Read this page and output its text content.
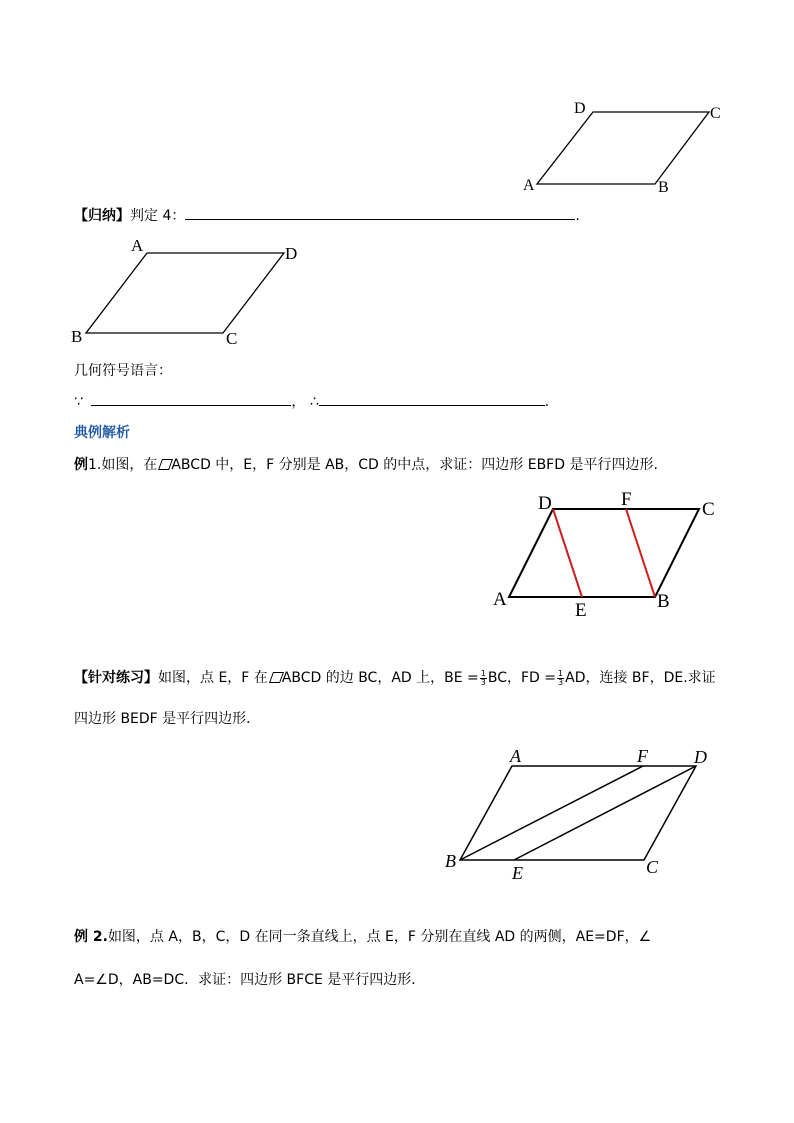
D	C
A	B
【归纳】判定 4：	.
A	D
B	C
几何符号语言：
∵	， ∴	.
典例解析
例1.如图，在 ABCD 中，E，F 分别是 AB，CD 的中点，求证：四边形 EBFD 是平行四边形.
D	F	C
A
E	B
【针对练习】如图，点 E，F 在 ABCD 的边 BC，AD 上，BE = $\frac{1}{3}$ BC，FD = $\frac{1}{3}$ AD，连接 BF，DE.求证
四边形 BEDF 是平行四边形．
A	F	D
B
E	C
例 2.如图，点 A，B，C，D 在同一条直线上，点 E，F 分别在直线 AD 的两侧，AE=DF，∠
A=∠D，AB=DC．求证：四边形 BFCE 是平行四边形．
